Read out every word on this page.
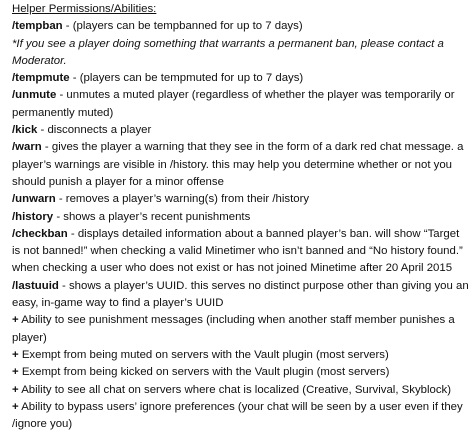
Helper Permissions/Abilities:

/tempban - (players can be tempbanned for up to 7 days)

*If you see a player doing something that warrants a permanent ban, please contact a Moderator.

/tempmute - (players can be tempmuted for up to 7 days)

/unmute - unmutes a muted player (regardless of whether the player was temporarily or permanently muted)

/kick - disconnects a player

/warn - gives the player a warning that they see in the form of a dark red chat message. a player’s warnings are visible in /history. this may help you determine whether or not you should punish a player for a minor offense

/unwarn - removes a player’s warning(s) from their /history

/history - shows a player’s recent punishments

/checkban - displays detailed information about a banned player’s ban. will show “Target is not banned!” when checking a valid Minetimer who isn’t banned and “No history found.” when checking a user who does not exist or has not joined Minetime after 20 April 2015

/lastuuid - shows a player’s UUID. this serves no distinct purpose other than giving you an easy, in-game way to find a player’s UUID

+ Ability to see punishment messages (including when another staff member punishes a player)

+ Exempt from being muted on servers with the Vault plugin (most servers)

+ Exempt from being kicked on servers with the Vault plugin (most servers)

+ Ability to see all chat on servers where chat is localized (Creative, Survival, Skyblock)

+ Ability to bypass users’ ignore preferences (your chat will be seen by a user even if they /ignore you)
